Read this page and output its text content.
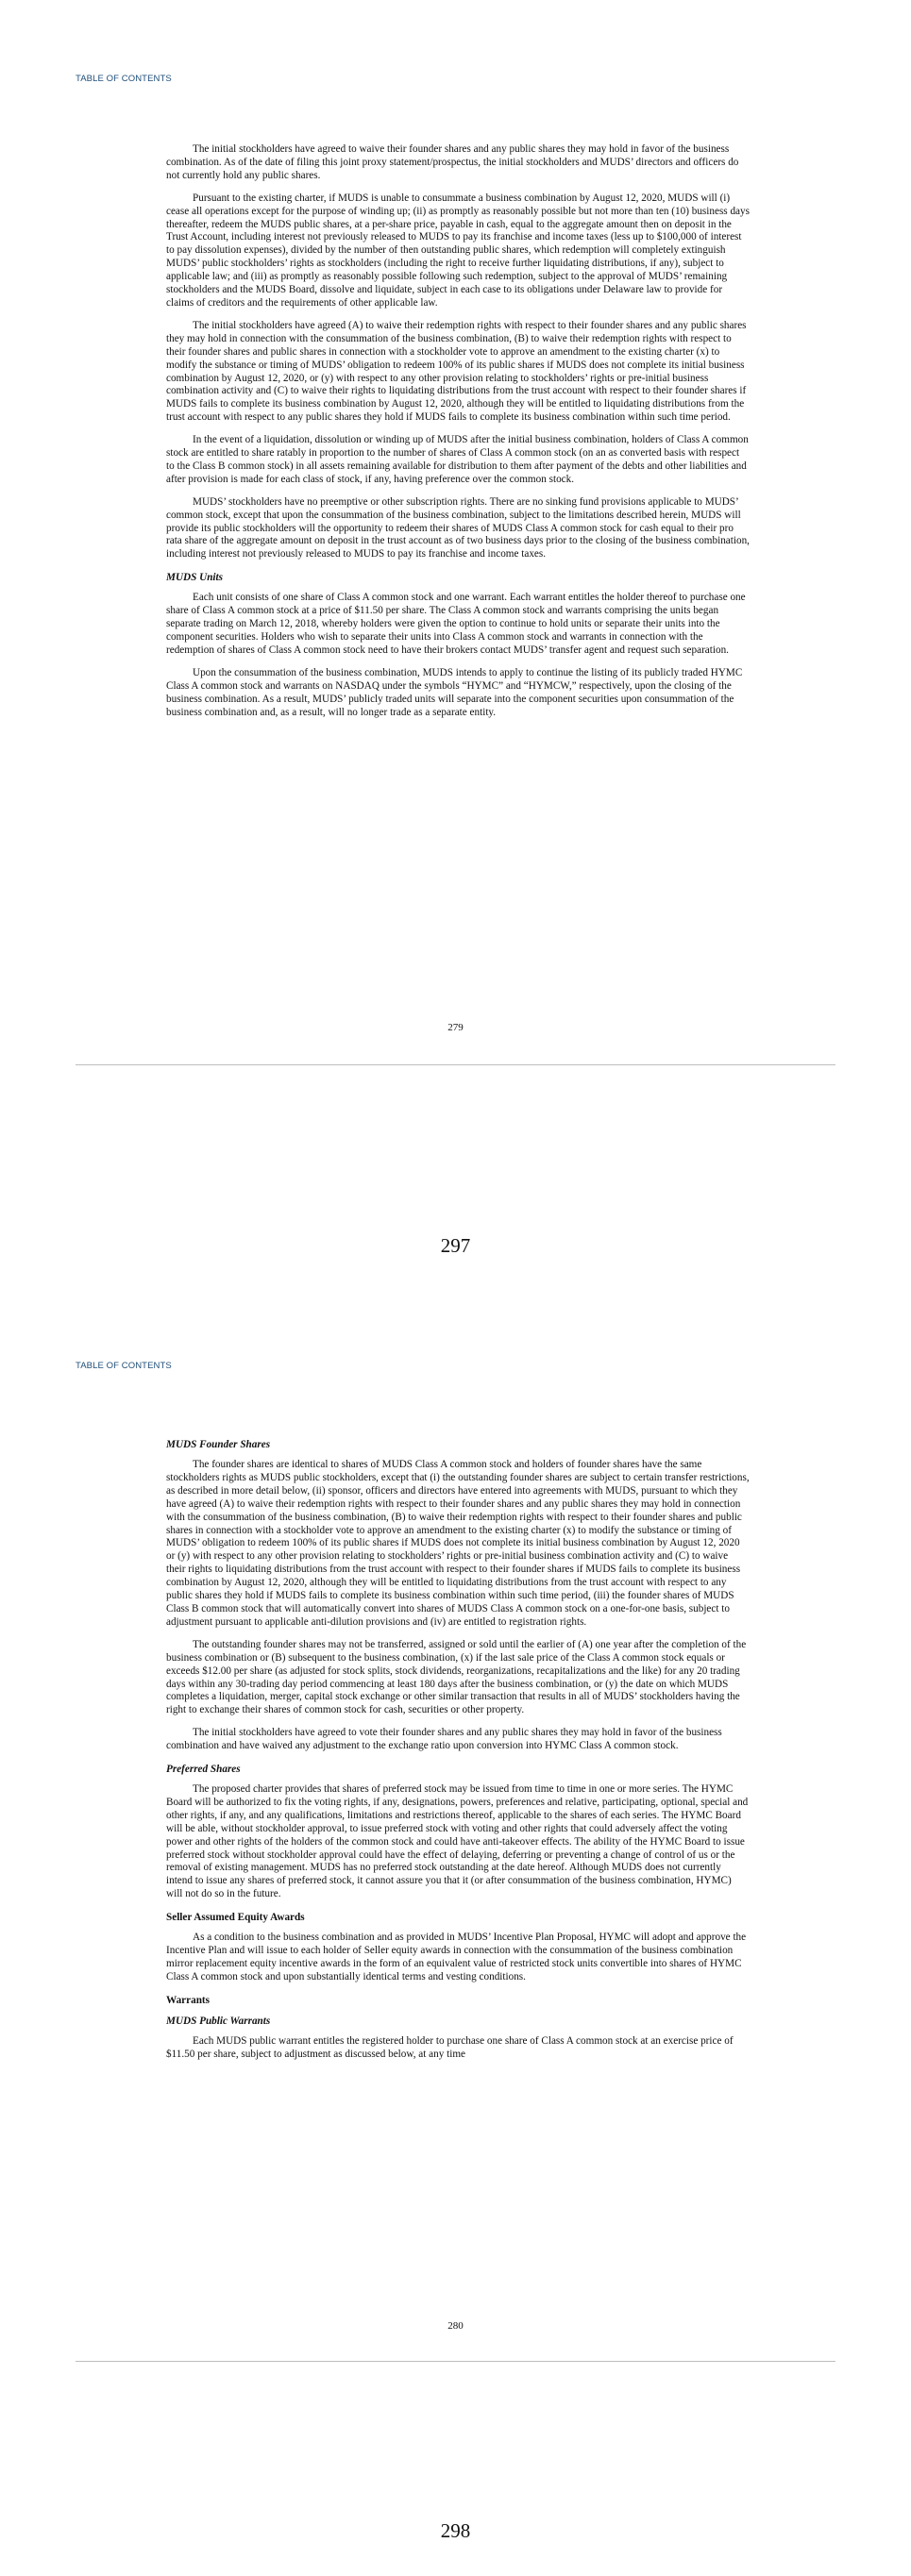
TABLE OF CONTENTS

The initial stockholders have agreed to waive their founder shares and any public shares they may hold in favor of the business combination. As of the date of filing this joint proxy statement/prospectus, the initial stockholders and MUDS’ directors and officers do not currently hold any public shares.

Pursuant to the existing charter, if MUDS is unable to consummate a business combination by August 12, 2020, MUDS will (i) cease all operations except for the purpose of winding up; (ii) as promptly as reasonably possible but not more than ten (10) business days thereafter, redeem the MUDS public shares, at a per-share price, payable in cash, equal to the aggregate amount then on deposit in the Trust Account, including interest not previously released to MUDS to pay its franchise and income taxes (less up to $100,000 of interest to pay dissolution expenses), divided by the number of then outstanding public shares, which redemption will completely extinguish MUDS’ public stockholders’ rights as stockholders (including the right to receive further liquidating distributions, if any), subject to applicable law; and (iii) as promptly as reasonably possible following such redemption, subject to the approval of MUDS’ remaining stockholders and the MUDS Board, dissolve and liquidate, subject in each case to its obligations under Delaware law to provide for claims of creditors and the requirements of other applicable law.

The initial stockholders have agreed (A) to waive their redemption rights with respect to their founder shares and any public shares they may hold in connection with the consummation of the business combination, (B) to waive their redemption rights with respect to their founder shares and public shares in connection with a stockholder vote to approve an amendment to the existing charter (x) to modify the substance or timing of MUDS’ obligation to redeem 100% of its public shares if MUDS does not complete its initial business combination by August 12, 2020, or (y) with respect to any other provision relating to stockholders’ rights or pre-initial business combination activity and (C) to waive their rights to liquidating distributions from the trust account with respect to their founder shares if MUDS fails to complete its business combination by August 12, 2020, although they will be entitled to liquidating distributions from the trust account with respect to any public shares they hold if MUDS fails to complete its business combination within such time period.

In the event of a liquidation, dissolution or winding up of MUDS after the initial business combination, holders of Class A common stock are entitled to share ratably in proportion to the number of shares of Class A common stock (on an as converted basis with respect to the Class B common stock) in all assets remaining available for distribution to them after payment of the debts and other liabilities and after provision is made for each class of stock, if any, having preference over the common stock.

MUDS’ stockholders have no preemptive or other subscription rights. There are no sinking fund provisions applicable to MUDS’ common stock, except that upon the consummation of the business combination, subject to the limitations described herein, MUDS will provide its public stockholders will the opportunity to redeem their shares of MUDS Class A common stock for cash equal to their pro rata share of the aggregate amount on deposit in the trust account as of two business days prior to the closing of the business combination, including interest not previously released to MUDS to pay its franchise and income taxes.

MUDS Units

Each unit consists of one share of Class A common stock and one warrant. Each warrant entitles the holder thereof to purchase one share of Class A common stock at a price of $11.50 per share. The Class A common stock and warrants comprising the units began separate trading on March 12, 2018, whereby holders were given the option to continue to hold units or separate their units into the component securities. Holders who wish to separate their units into Class A common stock and warrants in connection with the redemption of shares of Class A common stock need to have their brokers contact MUDS’ transfer agent and request such separation.

Upon the consummation of the business combination, MUDS intends to apply to continue the listing of its publicly traded HYMC Class A common stock and warrants on NASDAQ under the symbols “HYMC” and “HYMCW,” respectively, upon the closing of the business combination. As a result, MUDS’ publicly traded units will separate into the component securities upon consummation of the business combination and, as a result, will no longer trade as a separate entity.

279
297
TABLE OF CONTENTS
MUDS Founder Shares

The founder shares are identical to shares of MUDS Class A common stock and holders of founder shares have the same stockholders rights as MUDS public stockholders, except that (i) the outstanding founder shares are subject to certain transfer restrictions, as described in more detail below, (ii) sponsor, officers and directors have entered into agreements with MUDS, pursuant to which they have agreed (A) to waive their redemption rights with respect to their founder shares and any public shares they may hold in connection with the consummation of the business combination, (B) to waive their redemption rights with respect to their founder shares and public shares in connection with a stockholder vote to approve an amendment to the existing charter (x) to modify the substance or timing of MUDS’ obligation to redeem 100% of its public shares if MUDS does not complete its initial business combination by August 12, 2020 or (y) with respect to any other provision relating to stockholders’ rights or pre-initial business combination activity and (C) to waive their rights to liquidating distributions from the trust account with respect to their founder shares if MUDS fails to complete its business combination by August 12, 2020, although they will be entitled to liquidating distributions from the trust account with respect to any public shares they hold if MUDS fails to complete its business combination within such time period, (iii) the founder shares of MUDS Class B common stock that will automatically convert into shares of MUDS Class A common stock on a one-for-one basis, subject to adjustment pursuant to applicable anti-dilution provisions and (iv) are entitled to registration rights.

The outstanding founder shares may not be transferred, assigned or sold until the earlier of (A) one year after the completion of the business combination or (B) subsequent to the business combination, (x) if the last sale price of the Class A common stock equals or exceeds $12.00 per share (as adjusted for stock splits, stock dividends, reorganizations, recapitalizations and the like) for any 20 trading days within any 30-trading day period commencing at least 180 days after the business combination, or (y) the date on which MUDS completes a liquidation, merger, capital stock exchange or other similar transaction that results in all of MUDS’ stockholders having the right to exchange their shares of common stock for cash, securities or other property.

The initial stockholders have agreed to vote their founder shares and any public shares they may hold in favor of the business combination and have waived any adjustment to the exchange ratio upon conversion into HYMC Class A common stock.

Preferred Shares

The proposed charter provides that shares of preferred stock may be issued from time to time in one or more series. The HYMC Board will be authorized to fix the voting rights, if any, designations, powers, preferences and relative, participating, optional, special and other rights, if any, and any qualifications, limitations and restrictions thereof, applicable to the shares of each series. The HYMC Board will be able, without stockholder approval, to issue preferred stock with voting and other rights that could adversely affect the voting power and other rights of the holders of the common stock and could have anti-takeover effects. The ability of the HYMC Board to issue preferred stock without stockholder approval could have the effect of delaying, deferring or preventing a change of control of us or the removal of existing management. MUDS has no preferred stock outstanding at the date hereof. Although MUDS does not currently intend to issue any shares of preferred stock, it cannot assure you that it (or after consummation of the business combination, HYMC) will not do so in the future.

Seller Assumed Equity Awards

As a condition to the business combination and as provided in MUDS’ Incentive Plan Proposal, HYMC will adopt and approve the Incentive Plan and will issue to each holder of Seller equity awards in connection with the consummation of the business combination mirror replacement equity incentive awards in the form of an equivalent value of restricted stock units convertible into shares of HYMC Class A common stock and upon substantially identical terms and vesting conditions.

Warrants
MUDS Public Warrants

Each MUDS public warrant entitles the registered holder to purchase one share of Class A common stock at an exercise price of $11.50 per share, subject to adjustment as discussed below, at any time

280
298
